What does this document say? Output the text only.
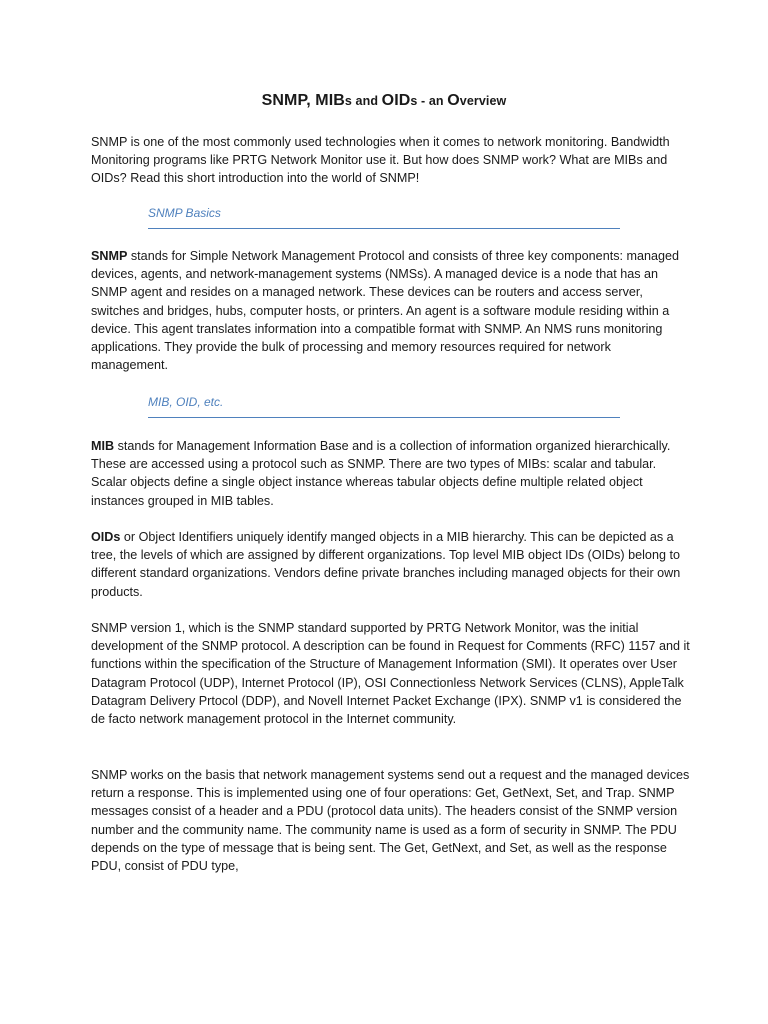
SNMP, MIBs and OIDs - an Overview

SNMP is one of the most commonly used technologies when it comes to network monitoring. Bandwidth Monitoring programs like PRTG Network Monitor use it. But how does SNMP work? What are MIBs and OIDs? Read this short introduction into the world of SNMP!

SNMP Basics

SNMP stands for Simple Network Management Protocol and consists of three key components: managed devices, agents, and network-management systems (NMSs). A managed device is a node that has an SNMP agent and resides on a managed network. These devices can be routers and access server, switches and bridges, hubs, computer hosts, or printers. An agent is a software module residing within a device. This agent translates information into a compatible format with SNMP. An NMS runs monitoring applications. They provide the bulk of processing and memory resources required for network management.

MIB, OID, etc.

MIB stands for Management Information Base and is a collection of information organized hierarchically. These are accessed using a protocol such as SNMP. There are two types of MIBs: scalar and tabular. Scalar objects define a single object instance whereas tabular objects define multiple related object instances grouped in MIB tables.

OIDs or Object Identifiers uniquely identify manged objects in a MIB hierarchy. This can be depicted as a tree, the levels of which are assigned by different organizations. Top level MIB object IDs (OIDs) belong to different standard organizations. Vendors define private branches including managed objects for their own products.

SNMP version 1, which is the SNMP standard supported by PRTG Network Monitor, was the initial development of the SNMP protocol. A description can be found in Request for Comments (RFC) 1157 and it functions within the specification of the Structure of Management Information (SMI). It operates over User Datagram Protocol (UDP), Internet Protocol (IP), OSI Connectionless Network Services (CLNS), AppleTalk Datagram Delivery Prtocol (DDP), and Novell Internet Packet Exchange (IPX). SNMP v1 is considered the de facto network management protocol in the Internet community.

SNMP works on the basis that network management systems send out a request and the managed devices return a response. This is implemented using one of four operations: Get, GetNext, Set, and Trap. SNMP messages consist of a header and a PDU (protocol data units). The headers consist of the SNMP version number and the community name. The community name is used as a form of security in SNMP. The PDU depends on the type of message that is being sent. The Get, GetNext, and Set, as well as the response PDU, consist of PDU type,
